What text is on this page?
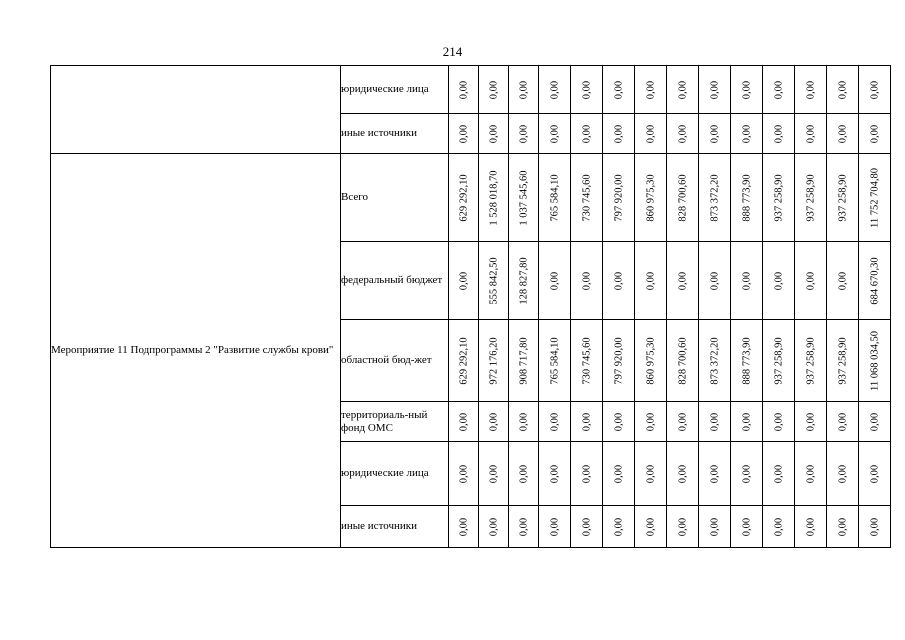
214
	юридические лица	0,00	0,00	0,00	0,00	0,00	0,00	0,00	0,00	0,00	0,00	0,00	0,00	0,00	0,00

	иные источники	0,00	0,00	0,00	0,00	0,00	0,00	0,00	0,00	0,00	0,00	0,00	0,00	0,00	0,00

Мероприятие 11 Подпрограммы 2 "Развитие службы крови"	Всего	629 292,10	1 528 018,70	1 037 545,60	765 584,10	730 745,60	797 920,00	860 975,30	828 700,60	873 372,20	888 773,90	937 258,90	937 258,90	937 258,90	11 752 704,80

	федеральный бюджет	0,00	555 842,50	128 827,80	0,00	0,00	0,00	0,00	0,00	0,00	0,00	0,00	0,00	0,00	684 670,30

	областной бюд-жет	629 292,10	972 176,20	908 717,80	765 584,10	730 745,60	797 920,00	860 975,30	828 700,60	873 372,20	888 773,90	937 258,90	937 258,90	937 258,90	11 068 034,50

	территориаль-ный фонд ОМС	0,00	0,00	0,00	0,00	0,00	0,00	0,00	0,00	0,00	0,00	0,00	0,00	0,00	0,00

	юридические лица	0,00	0,00	0,00	0,00	0,00	0,00	0,00	0,00	0,00	0,00	0,00	0,00	0,00	0,00

	иные источники	0,00	0,00	0,00	0,00	0,00	0,00	0,00	0,00	0,00	0,00	0,00	0,00	0,00	0,00
